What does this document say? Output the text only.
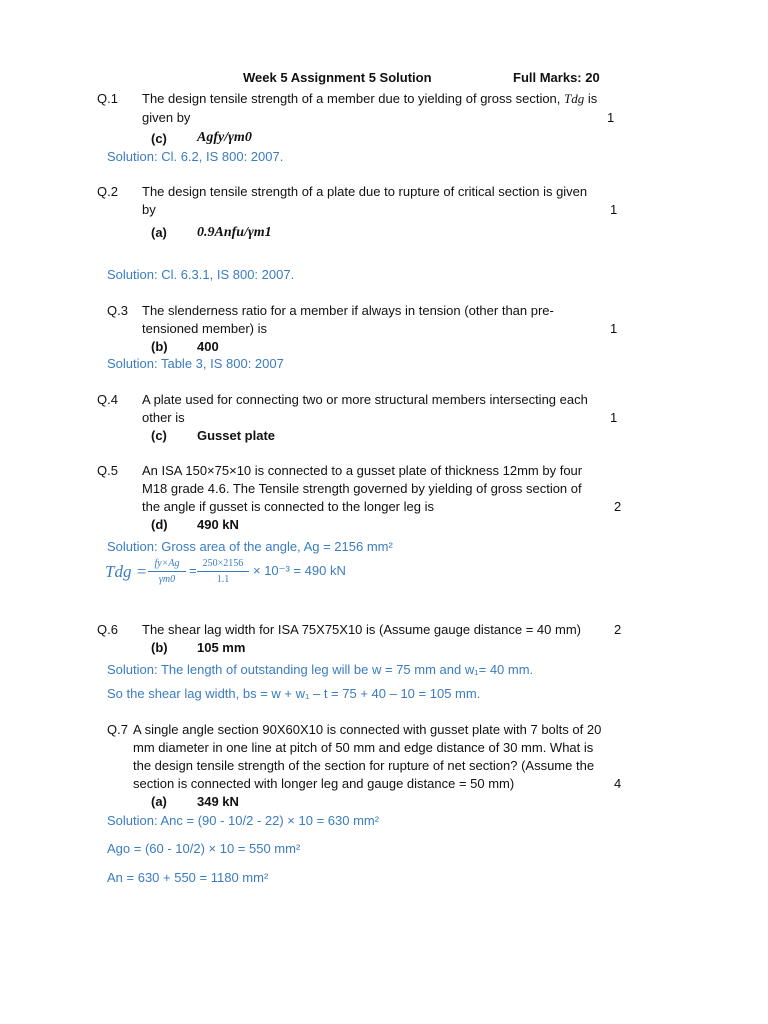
Week 5 Assignment 5 Solution	Full Marks: 20
Q.1 The design tensile strength of a member due to yielding of gross section, Tdg is
given by	1
(c) Agfy/γm0
Solution: Cl. 6.2, IS 800: 2007.
Q.2 The design tensile strength of a plate due to rupture of critical section is given
by	1
(a) 0.9Anfu/γm1
Solution: Cl. 6.3.1, IS 800: 2007.
Q.3 The slenderness ratio for a member if always in tension (other than pre-
tensioned member) is	1
(b) 400
Solution: Table 3, IS 800: 2007
Q.4 A plate used for connecting two or more structural members intersecting each
other is	1
(c) Gusset plate
Q.5 An ISA 150×75×10 is connected to a gusset plate of thickness 12mm by four
M18 grade 4.6. The Tensile strength governed by yielding of gross section of
the angle if gusset is connected to the longer leg is	2
(d) 490 kN
Solution: Gross area of the angle, Ag = 2156 mm²
Tdg = fy×Ag
γm0
= 250×2156
1.1
× 10⁻³ = 490 kN
Q.6 The shear lag width for ISA 75X75X10 is (Assume gauge distance = 40 mm)	2
(b) 105 mm
Solution: The length of outstanding leg will be w = 75 mm and w₁= 40 mm.
So the shear lag width, bs = w + w₁ – t = 75 + 40 – 10 = 105 mm.
Q.7 A single angle section 90X60X10 is connected with gusset plate with 7 bolts of 20
mm diameter in one line at pitch of 50 mm and edge distance of 30 mm. What is
the design tensile strength of the section for rupture of net section? (Assume the
section is connected with longer leg and gauge distance = 50 mm)	4
(a) 349 kN
Solution: Anc = (90 - 10/2 - 22) × 10 = 630 mm²
Ago = (60 - 10/2) × 10 = 550 mm²
An = 630 + 550 = 1180 mm²
